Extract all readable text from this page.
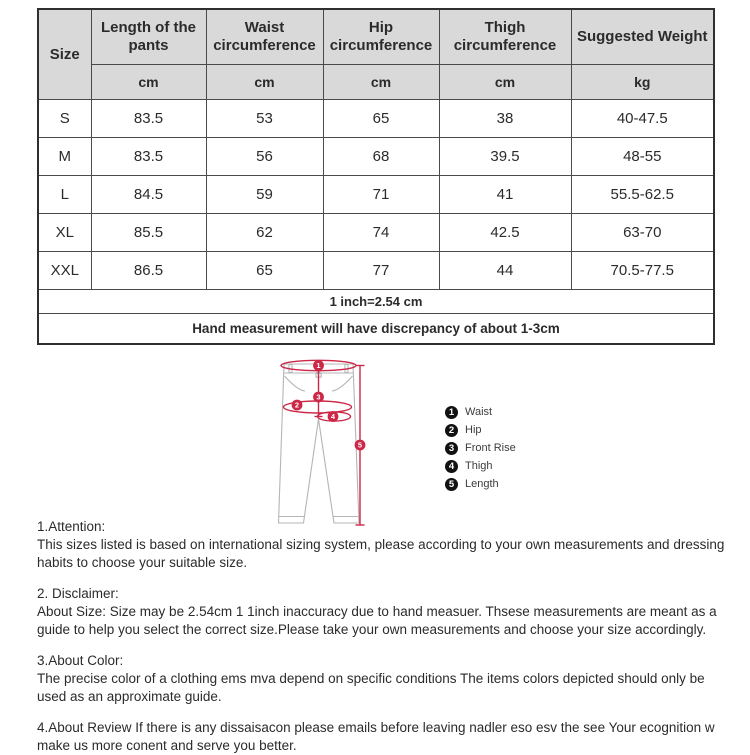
Size	Length of the pants	Waist circumference	Hip circumference	Thigh circumference	Suggested Weight
	cm	cm	cm	cm	kg
S	83.5	53	65	38	40-47.5
M	83.5	56	68	39.5	48-55
L	84.5	59	71	41	55.5-62.5
XL	85.5	62	74	42.5	63-70
XXL	86.5	65	77	44	70.5-77.5
1 inch=2.54 cm					
Hand measurement will have discrepancy of about 1-3cm					
1
2
3
4
5
1 Waist
2 Hip
3 Front Rise
4 Thigh
5 Length
1.Attention:
This sizes listed is based on international sizing system, please according to your own measurements and dressing habits to choose your suitable size.
2. Disclaimer:
About Size: Size may be 2.54cm 1 1inch inaccuracy due to hand measuer. Thsese measurements are meant as a guide to help you select the correct size.Please take your own measurements and choose your size accordingly.
3.About Color:
The precise color of a clothing ems mva depend on specific conditions The items colors depicted should only be   used as an approximate guide.
4.About Review If there is any dissaisacon please emails before leaving nadler eso esv the see Your ecognition w   make us more conent and serve you better.
